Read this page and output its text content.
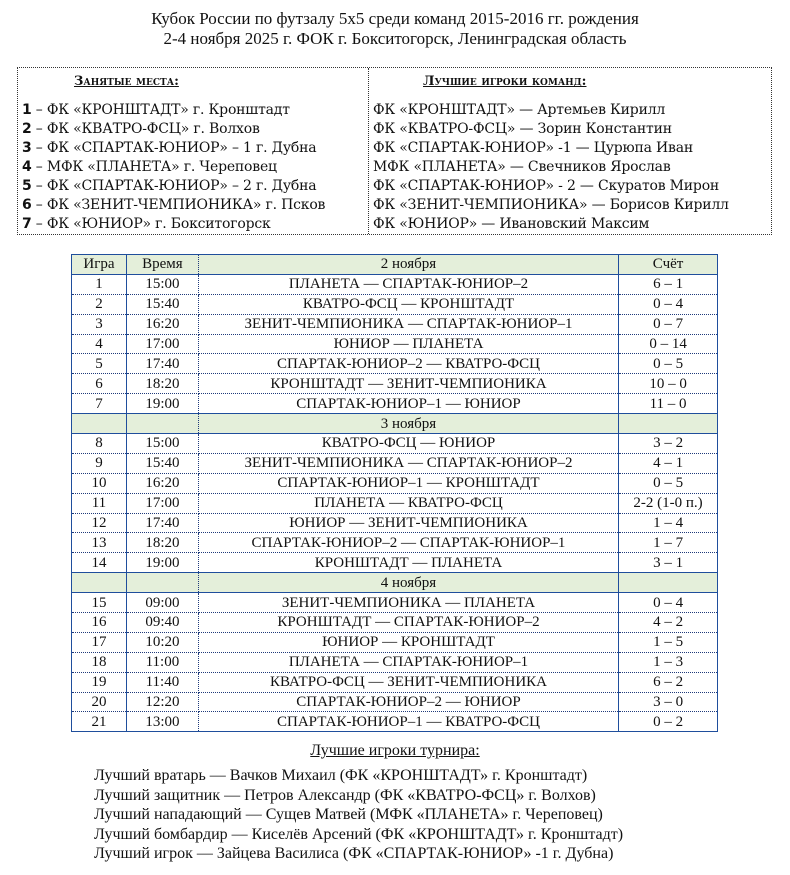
Кубок России по футзалу 5х5 среди команд 2015-2016 гг. рождения
2-4 ноября 2025 г. ФОК г. Бокситогорск, Ленинградская область
Занятые места:
1 – ФК «КРОНШТАДТ» г. Кронштадт
2 – ФК «КВАТРО-ФСЦ» г. Волхов
3 – ФК «СПАРТАК-ЮНИОР» – 1 г. Дубна
4 – МФК «ПЛАНЕТА» г. Череповец
5 – ФК «СПАРТАК-ЮНИОР» – 2 г. Дубна
6 – ФК «ЗЕНИТ-ЧЕМПИОНИКА» г. Псков
7 – ФК «ЮНИОР» г. Бокситогорск
Лучшие игроки команд:
ФК «КРОНШТАДТ» — Артемьев Кирилл
ФК «КВАТРО-ФСЦ» — Зорин Константин
ФК «СПАРТАК-ЮНИОР» -1 — Цурюпа Иван
МФК «ПЛАНЕТА» — Свечников Ярослав
ФК «СПАРТАК-ЮНИОР» - 2 — Скуратов Мирон
ФК «ЗЕНИТ-ЧЕМПИОНИКА» — Борисов Кирилл
ФК «ЮНИОР» — Ивановский Максим
Игра	Время	2 ноября	Счёт
1	15:00	ПЛАНЕТА — СПАРТАК-ЮНИОР–2	6 – 1
2	15:40	КВАТРО-ФСЦ — КРОНШТАДТ	0 – 4
3	16:20	ЗЕНИТ-ЧЕМПИОНИКА — СПАРТАК-ЮНИОР–1	0 – 7
4	17:00	ЮНИОР — ПЛАНЕТА	0 – 14
5	17:40	СПАРТАК-ЮНИОР–2 — КВАТРО-ФСЦ	0 – 5
6	18:20	КРОНШТАДТ — ЗЕНИТ-ЧЕМПИОНИКА	10 – 0
7	19:00	СПАРТАК-ЮНИОР–1 — ЮНИОР	11 – 0
		3 ноября	
8	15:00	КВАТРО-ФСЦ — ЮНИОР	3 – 2
9	15:40	ЗЕНИТ-ЧЕМПИОНИКА — СПАРТАК-ЮНИОР–2	4 – 1
10	16:20	СПАРТАК-ЮНИОР–1 — КРОНШТАДТ	0 – 5
11	17:00	ПЛАНЕТА — КВАТРО-ФСЦ	2-2 (1-0 п.)
12	17:40	ЮНИОР — ЗЕНИТ-ЧЕМПИОНИКА	1 – 4
13	18:20	СПАРТАК-ЮНИОР–2 — СПАРТАК-ЮНИОР–1	1 – 7
14	19:00	КРОНШТАДТ — ПЛАНЕТА	3 – 1
		4 ноября	
15	09:00	ЗЕНИТ-ЧЕМПИОНИКА — ПЛАНЕТА	0 – 4
16	09:40	КРОНШТАДТ — СПАРТАК-ЮНИОР–2	4 – 2
17	10:20	ЮНИОР — КРОНШТАДТ	1 – 5
18	11:00	ПЛАНЕТА — СПАРТАК-ЮНИОР–1	1 – 3
19	11:40	КВАТРО-ФСЦ — ЗЕНИТ-ЧЕМПИОНИКА	6 – 2
20	12:20	СПАРТАК-ЮНИОР–2 — ЮНИОР	3 – 0
21	13:00	СПАРТАК-ЮНИОР–1 — КВАТРО-ФСЦ	0 – 2
Лучшие игроки турнира:
Лучший вратарь — Вачков Михаил (ФК «КРОНШТАДТ» г. Кронштадт)
Лучший защитник — Петров Александр (ФК «КВАТРО-ФСЦ» г. Волхов)
Лучший нападающий — Сущев Матвей (МФК «ПЛАНЕТА» г. Череповец)
Лучший бомбардир — Киселёв Арсений (ФК «КРОНШТАДТ» г. Кронштадт)
Лучший игрок — Зайцева Василиса (ФК «СПАРТАК-ЮНИОР» -1 г. Дубна)
